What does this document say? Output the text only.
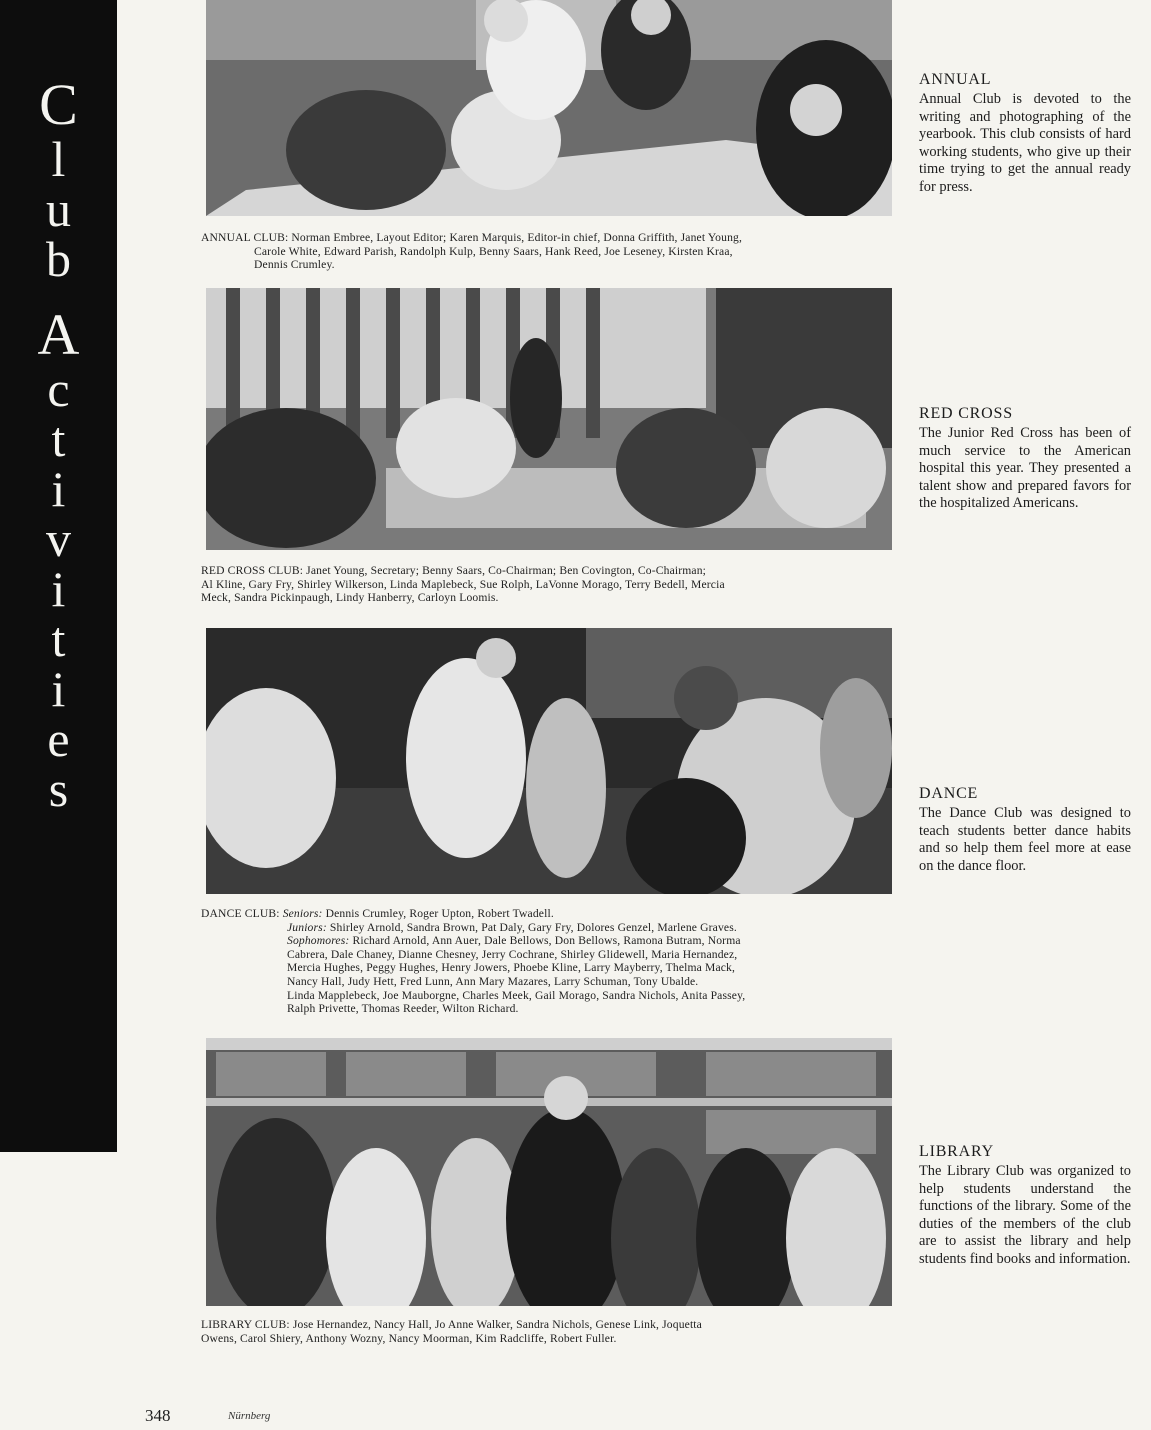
C
l
u
b
A
c
t
i
v
i
t
i
e
s
ANNUAL CLUB: Norman Embree, Layout Editor; Karen Marquis, Editor-in chief, Donna Griffith, Janet Young,
Carole White, Edward Parish, Randolph Kulp, Benny Saars, Hank Reed, Joe Leseney, Kirsten Kraa,
Dennis Crumley.
ANNUAL
Annual Club is devoted to the writing and photographing of the yearbook. This club consists of hard working students, who give up their time trying to get the annual ready for press.
RED CROSS CLUB: Janet Young, Secretary; Benny Saars, Co-Chairman; Ben Covington, Co-Chairman;
Al Kline, Gary Fry, Shirley Wilkerson, Linda Maplebeck, Sue Rolph, LaVonne Morago, Terry Bedell, Mercia
Meck, Sandra Pickinpaugh, Lindy Hanberry, Carloyn Loomis.
RED CROSS
The Junior Red Cross has been of much service to the American hospital this year. They presented a talent show and prepared favors for the hospitalized Americans.
DANCE CLUB: Seniors: Dennis Crumley, Roger Upton, Robert Twadell.
Juniors: Shirley Arnold, Sandra Brown, Pat Daly, Gary Fry, Dolores Genzel, Marlene Graves.
Sophomores: Richard Arnold, Ann Auer, Dale Bellows, Don Bellows, Ramona Butram, Norma
Cabrera, Dale Chaney, Dianne Chesney, Jerry Cochrane, Shirley Glidewell, Maria Hernandez,
Mercia Hughes, Peggy Hughes, Henry Jowers, Phoebe Kline, Larry Mayberry, Thelma Mack,
Nancy Hall, Judy Hett, Fred Lunn, Ann Mary Mazares, Larry Schuman, Tony Ubalde.
Linda Mapplebeck, Joe Mauborgne, Charles Meek, Gail Morago, Sandra Nichols, Anita Passey,
Ralph Privette, Thomas Reeder, Wilton Richard.
DANCE
The Dance Club was designed to teach students better dance habits and so help them feel more at ease on the dance floor.
LIBRARY CLUB: Jose Hernandez, Nancy Hall, Jo Anne Walker, Sandra Nichols, Genese Link, Joquetta
Owens, Carol Shiery, Anthony Wozny, Nancy Moorman, Kim Radcliffe, Robert Fuller.
LIBRARY
The Library Club was organized to help students understand the functions of the library. Some of the duties of the members of the club are to assist the library and help students find books and information.
348	Nürnberg
